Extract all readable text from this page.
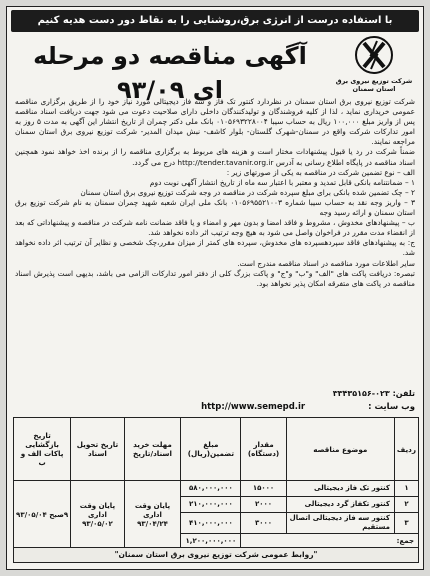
با استفاده درست از انرژی برق،روشنایی را به نقاط دور دست هدیه کنیم
شرکت توزیع نیروی برق
استان سمنان
آگهی مناقصه دو مرحله ای ۹۳/۰۹

شرکت توزیع نیروی برق استان سمنان در نظردارد کنتور تک فاز و سه فاز دیجیتالی مورد نیاز خود را از طریق برگزاری مناقصه عمومی خریداری نماید ، لذا از کلیه فروشندگان و تولیدکنندگان داخلی دارای صلاحیت دعوت می شود جهت دریافت اسناد مناقصه پس از واریز مبلغ ۱۰۰,۰۰۰ ریال به حساب سیبا ۰۱۰۵۶۹۳۲۲۸۰۰۴ بانک ملی دکتر چمران از تاریخ انتشار این آگهی به مدت ۵ روز به امور تدارکات شرکت واقع در سمنان-شهرک گلستان- بلوار کاشف- نبش میدان المدیر- شرکت توزیع نیروی برق استان سمنان مراجعه نمایند.

ضمناً شرکت در رد یا قبول پیشنهادات مختار است و هزینه های مربوط به برگزاری مناقصه را از برنده اخذ خواهد نمود همچنین اسناد مناقصه در پایگاه اطلاع رسانی به آدرس http://tender.tavanir.org.ir درج می گردد.

الف – نوع تضمین شرکت در مناقصه به یکی از صورتهای زیر :

۱ – ضمانتنامه بانکی قابل تمدید و معتبر با اعتبار سه ماه از تاریخ انتشار آگهی نوبت دوم

۲ – چک تضمین شده بانکی برای مبلغ سپرده شرکت در مناقصه در وجه شرکت توزیع نیروی برق استان سمنان

۳ – واریز وجه نقد به حساب سیبا شماره ۰۱۰۵۶۹۵۵۲۱۰۰۳ بانک ملی ایران شعبه شهید چمران سمنان به نام شرکت توزیع برق استان سمنان و ارائه رسید وجه

ب – پیشنهادهای مخدوش ، مشروط و فاقد امضا و بدون مهر و امضاء و یا فاقد ضمانت نامه شرکت در مناقصه و پیشنهاداتی که بعد از انقضاء مدت مقرر در فراخوان واصل می شود به هیچ وجه ترتیب اثر داده نخواهد شد.

ج: به پیشنهادهای فاقد سپردهسپرده های مخدوش، سپرده های کمتر از میزان مقرر،چک شخصی و نظایر آن ترتیب اثر داده نخواهد شد.

سایر اطلاعات مورد مناقصه در اسناد مناقصه مندرج است.

تبصره: دریافت پاکت های "الف" و"ب" و"ج" و پاکت بزرگ کلی از دفتر امور تدارکات الزامی می باشد، بدیهی است پذیرش اسناد مناقصه در پاکت های متفرقه امکان پذیر نخواهد بود.

تلفن: ۰۲۳-۳۳۴۳۵۱۵۶
وب سایت : http://www.semepd.ir
ردیف	موضوع مناقصه	مقدار (دستگاه)	مبلغ تضمین(ریال)	مهلت خرید اسناد/تاریخ	تاریخ تحویل اسناد	تاریخ بازگشایی پاکات الف و ب
۱	کنتور تک فاز دیجیتالی	۱۵۰۰۰	۵۸۰,۰۰۰,۰۰۰	پایان وقت اداری ۹۳/۰۴/۲۴	پایان وقت اداری ۹۳/۰۵/۰۲	۹صبح ۹۳/۰۵/۰۴
۲	کنتور تکفاز گرد دیجیتالی	۲۰۰۰	۲۱۰,۰۰۰,۰۰۰			
۳	کنتور سه فاز دیجیتالی اتصال مستقیم	۳۰۰۰	۴۱۰,۰۰۰,۰۰۰			
جمع:			۱,۲۰۰,۰۰۰,۰۰۰			
"روابط عمومی شرکت توزیع نیروی برق استان سمنان"
